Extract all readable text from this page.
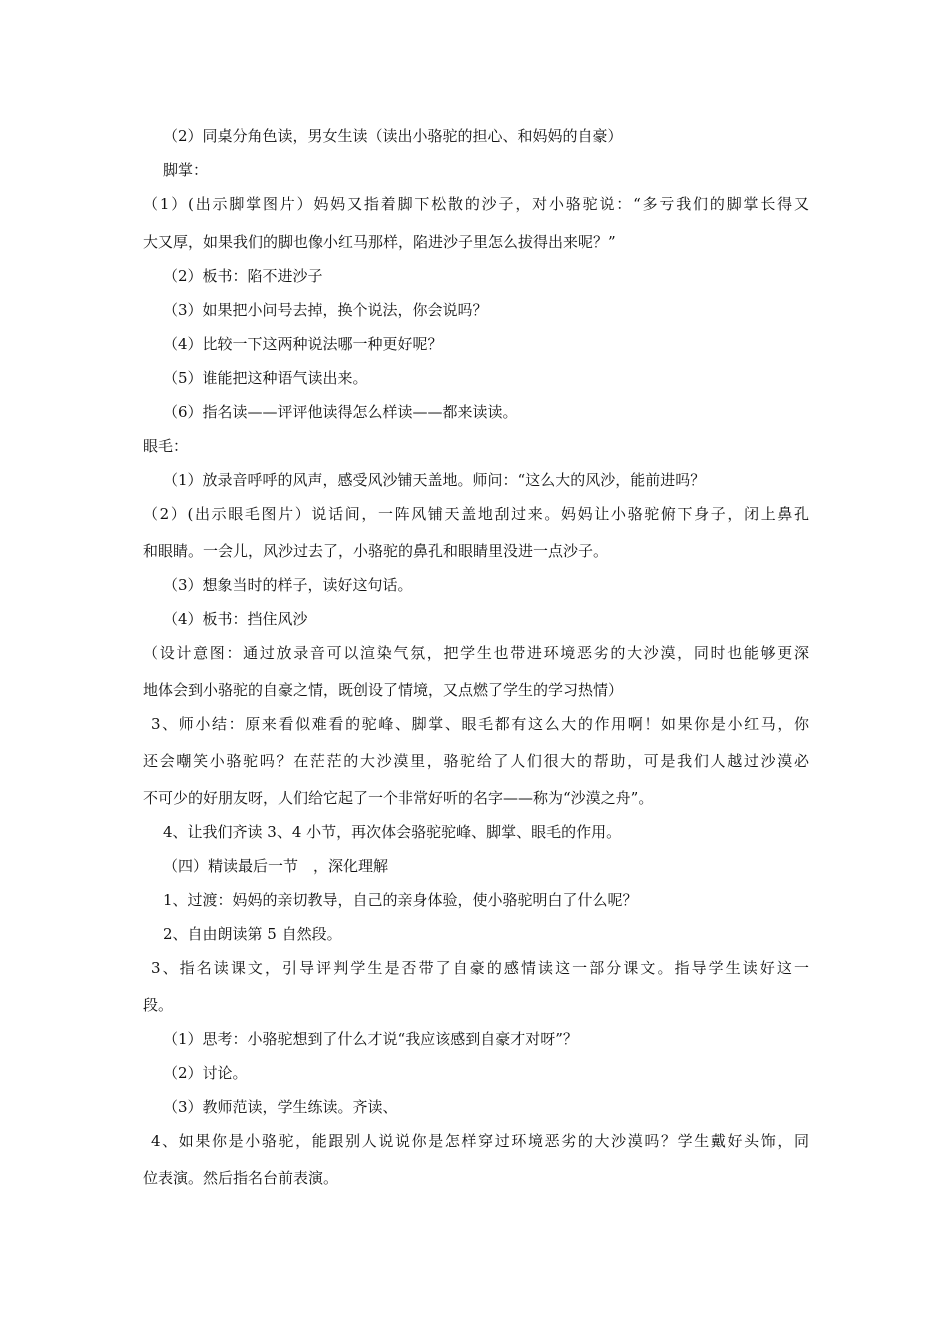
（2）同桌分角色读，男女生读（读出小骆驼的担心、和妈妈的自豪）
脚掌：
（1）(出示脚掌图片）妈妈又指着脚下松散的沙子，对小骆驼说：“多亏我们的脚掌长得又
大又厚，如果我们的脚也像小红马那样，陷进沙子里怎么拔得出来呢？”
（2）板书：陷不进沙子
（3）如果把小问号去掉，换个说法，你会说吗？
（4）比较一下这两种说法哪一种更好呢？
（5）谁能把这种语气读出来。
（6）指名读——评评他读得怎么样读——都来读读。
眼毛：
（1）放录音呼呼的风声，感受风沙铺天盖地。师问：“这么大的风沙，能前进吗？
（2）(出示眼毛图片）说话间，一阵风铺天盖地刮过来。妈妈让小骆驼俯下身子，闭上鼻孔
和眼睛。一会儿，风沙过去了，小骆驼的鼻孔和眼睛里没进一点沙子。
（3）想象当时的样子，读好这句话。
（4）板书：挡住风沙
（设计意图：通过放录音可以渲染气氛，把学生也带进环境恶劣的大沙漠，同时也能够更深
地体会到小骆驼的自豪之情，既创设了情境，又点燃了学生的学习热情）
3、师小结：原来看似难看的驼峰、脚掌、眼毛都有这么大的作用啊！如果你是小红马，你
还会嘲笑小骆驼吗？在茫茫的大沙漠里，骆驼给了人们很大的帮助，可是我们人越过沙漠必
不可少的好朋友呀，人们给它起了一个非常好听的名字——称为“沙漠之舟”。
4、让我们齐读 3、4 小节，再次体会骆驼驼峰、脚掌、眼毛的作用。
（四）精读最后一节　，深化理解
1、过渡：妈妈的亲切教导，自己的亲身体验，使小骆驼明白了什么呢？
2、自由朗读第 5 自然段。
3、指名读课文，引导评判学生是否带了自豪的感情读这一部分课文。指导学生读好这一
段。
（1）思考：小骆驼想到了什么才说“我应该感到自豪才对呀”？
（2）讨论。
（3）教师范读，学生练读。齐读、
4、如果你是小骆驼，能跟别人说说你是怎样穿过环境恶劣的大沙漠吗？学生戴好头饰，同
位表演。然后指名台前表演。
